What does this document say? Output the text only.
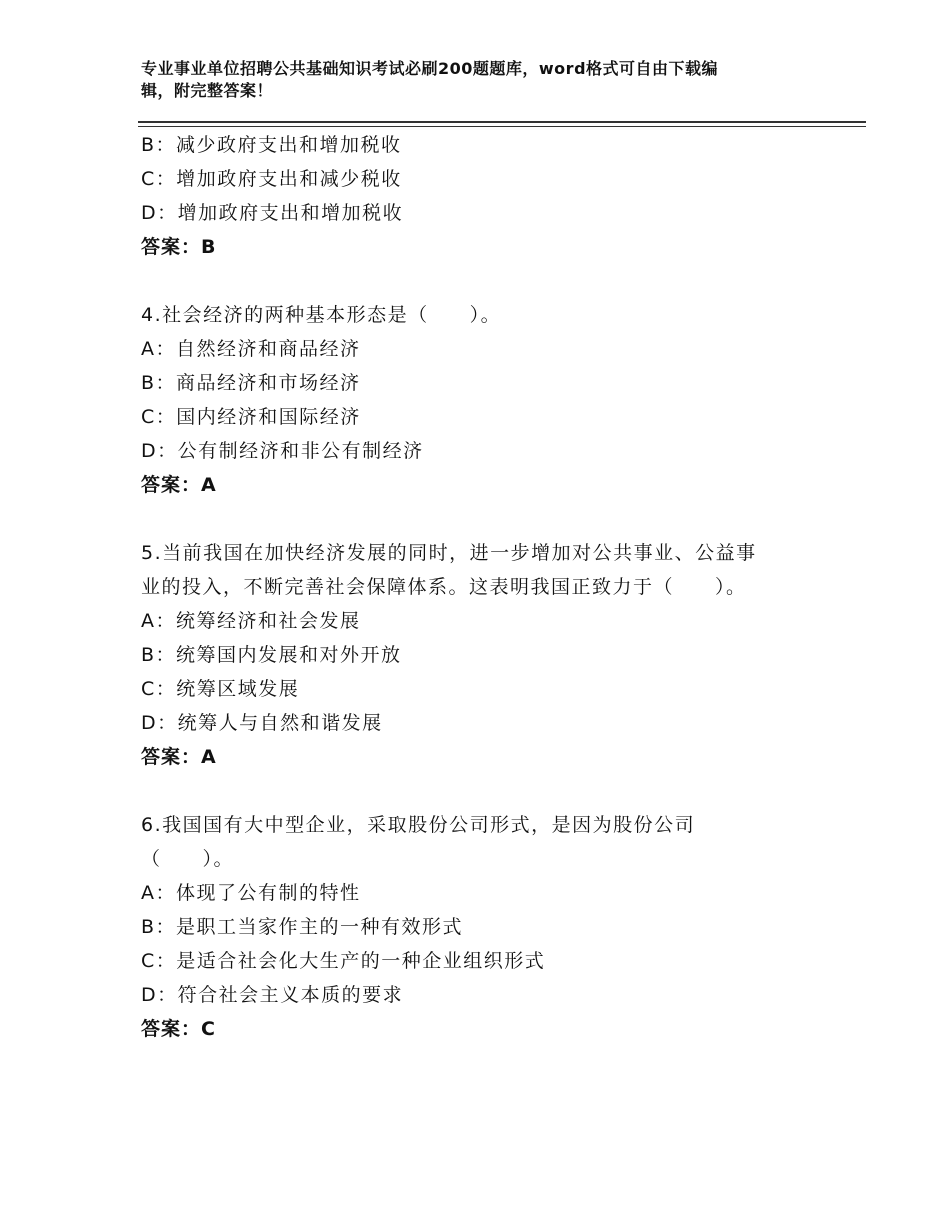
专业事业单位招聘公共基础知识考试必刷200题题库，word格式可自由下载编
辑，附完整答案！
B：减少政府支出和增加税收
C：增加政府支出和减少税收
D：增加政府支出和增加税收
答案：B
4.社会经济的两种基本形态是（　　）。
A：自然经济和商品经济
B：商品经济和市场经济
C：国内经济和国际经济
D：公有制经济和非公有制经济
答案：A
5.当前我国在加快经济发展的同时，进一步增加对公共事业、公益事
业的投入，不断完善社会保障体系。这表明我国正致力于（　　）。
A：统筹经济和社会发展
B：统筹国内发展和对外开放
C：统筹区域发展
D：统筹人与自然和谐发展
答案：A
6.我国国有大中型企业，采取股份公司形式，是因为股份公司
（　　）。
A：体现了公有制的特性
B：是职工当家作主的一种有效形式
C：是适合社会化大生产的一种企业组织形式
D：符合社会主义本质的要求
答案：C
